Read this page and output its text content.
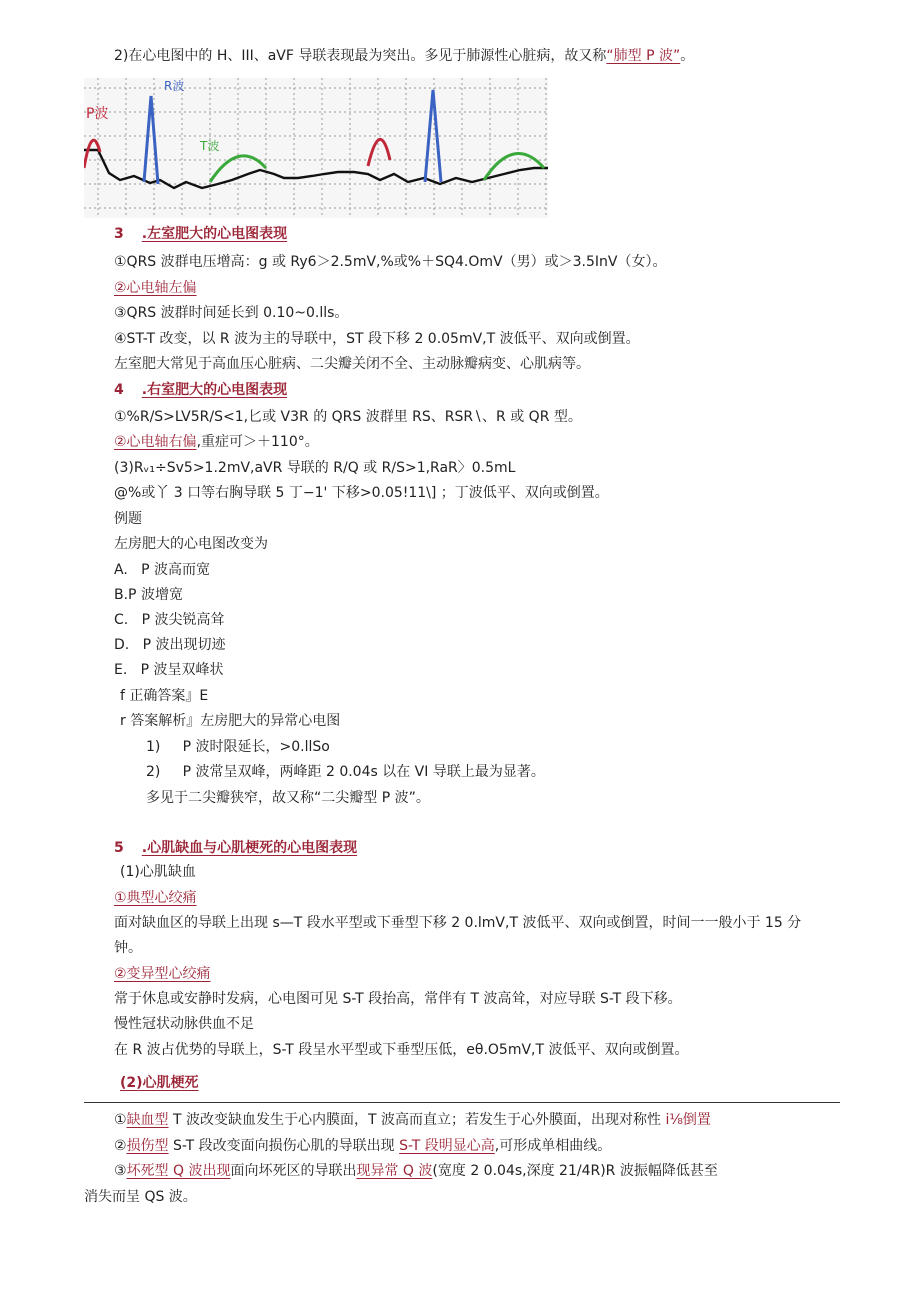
2)在心电图中的 H、III、aVF 导联表现最为突出。多见于肺源性心脏病，故又称“肺型 P 波”。
P波
R波
T波
3 .左室肥大的心电图表现
①QRS 波群电压增高：g 或 Ry6＞2.5mV,%或%＋SQ4.OmV（男）或＞3.5InV（女）。
②心电轴左偏
③QRS 波群时间延长到 0.10~0.lls。
④ST-T 改变，以 R 波为主的导联中，ST 段下移 2 0.05mV,T 波低平、双向或倒置。
左室肥大常见于高血压心脏病、二尖瓣关闭不全、主动脉瓣病变、心肌病等。
4 .右室肥大的心电图表现
①%R/S>LV5R/S<1,匕或 V3R 的 QRS 波群里 RS、RSR∖、R 或 QR 型。
②心电轴右偏,重症可＞＋110°。
(3)Rᵥ₁÷Sv5>1.2mV,aVR 导联的 R/Q 或 R/S>1,RaR〉0.5mL
@%或丫 3 口等右胸导联 5 丁−1' 下移>0.05!11\] ；丁波低平、双向或倒置。
例题
左房肥大的心电图改变为
A.   P 波高而宽
B.P 波增宽
C.   P 波尖锐高耸
D.   P 波出现切迹
E.   P 波呈双峰状
f 正确答案』E
r 答案解析』左房肥大的异常心电图
1)     P 波时限延长，>0.llSo
2)     P 波常呈双峰，两峰距 2 0.04s 以在 VI 导联上最为显著。
多见于二尖瓣狭窄，故又称“二尖瓣型 P 波”。
5 .心肌缺血与心肌梗死的心电图表现
(1)心肌缺血
①典型心绞痛
面对缺血区的导联上出现 s—T 段水平型或下垂型下移 2 0.lmV,T 波低平、双向或倒置，时间一一般小于 15 分
钟。
②变异型心绞痛
常于休息或安静时发病，心电图可见 S-T 段抬高，常伴有 T 波高耸，对应导联 S-T 段下移。
慢性冠状动脉供血不足
在 R 波占优势的导联上，S-T 段呈水平型或下垂型压低，eθ.O5mV,T 波低平、双向或倒置。
(2)心肌梗死
①缺血型 T 波改变缺血发生于心内膜面，T 波高而直立；若发生于心外膜面，出现对称性 i⅛倒置
②损伤型 S-T 段改变面向损伤心肌的导联出现 S-T 段明显心高,可形成单相曲线。
③坏死型 Q 波出现面向坏死区的导联出现异常 Q 波(宽度 2 0.04s,深度 21/4R)R 波振幅降低甚至
消失而呈 QS 波。
